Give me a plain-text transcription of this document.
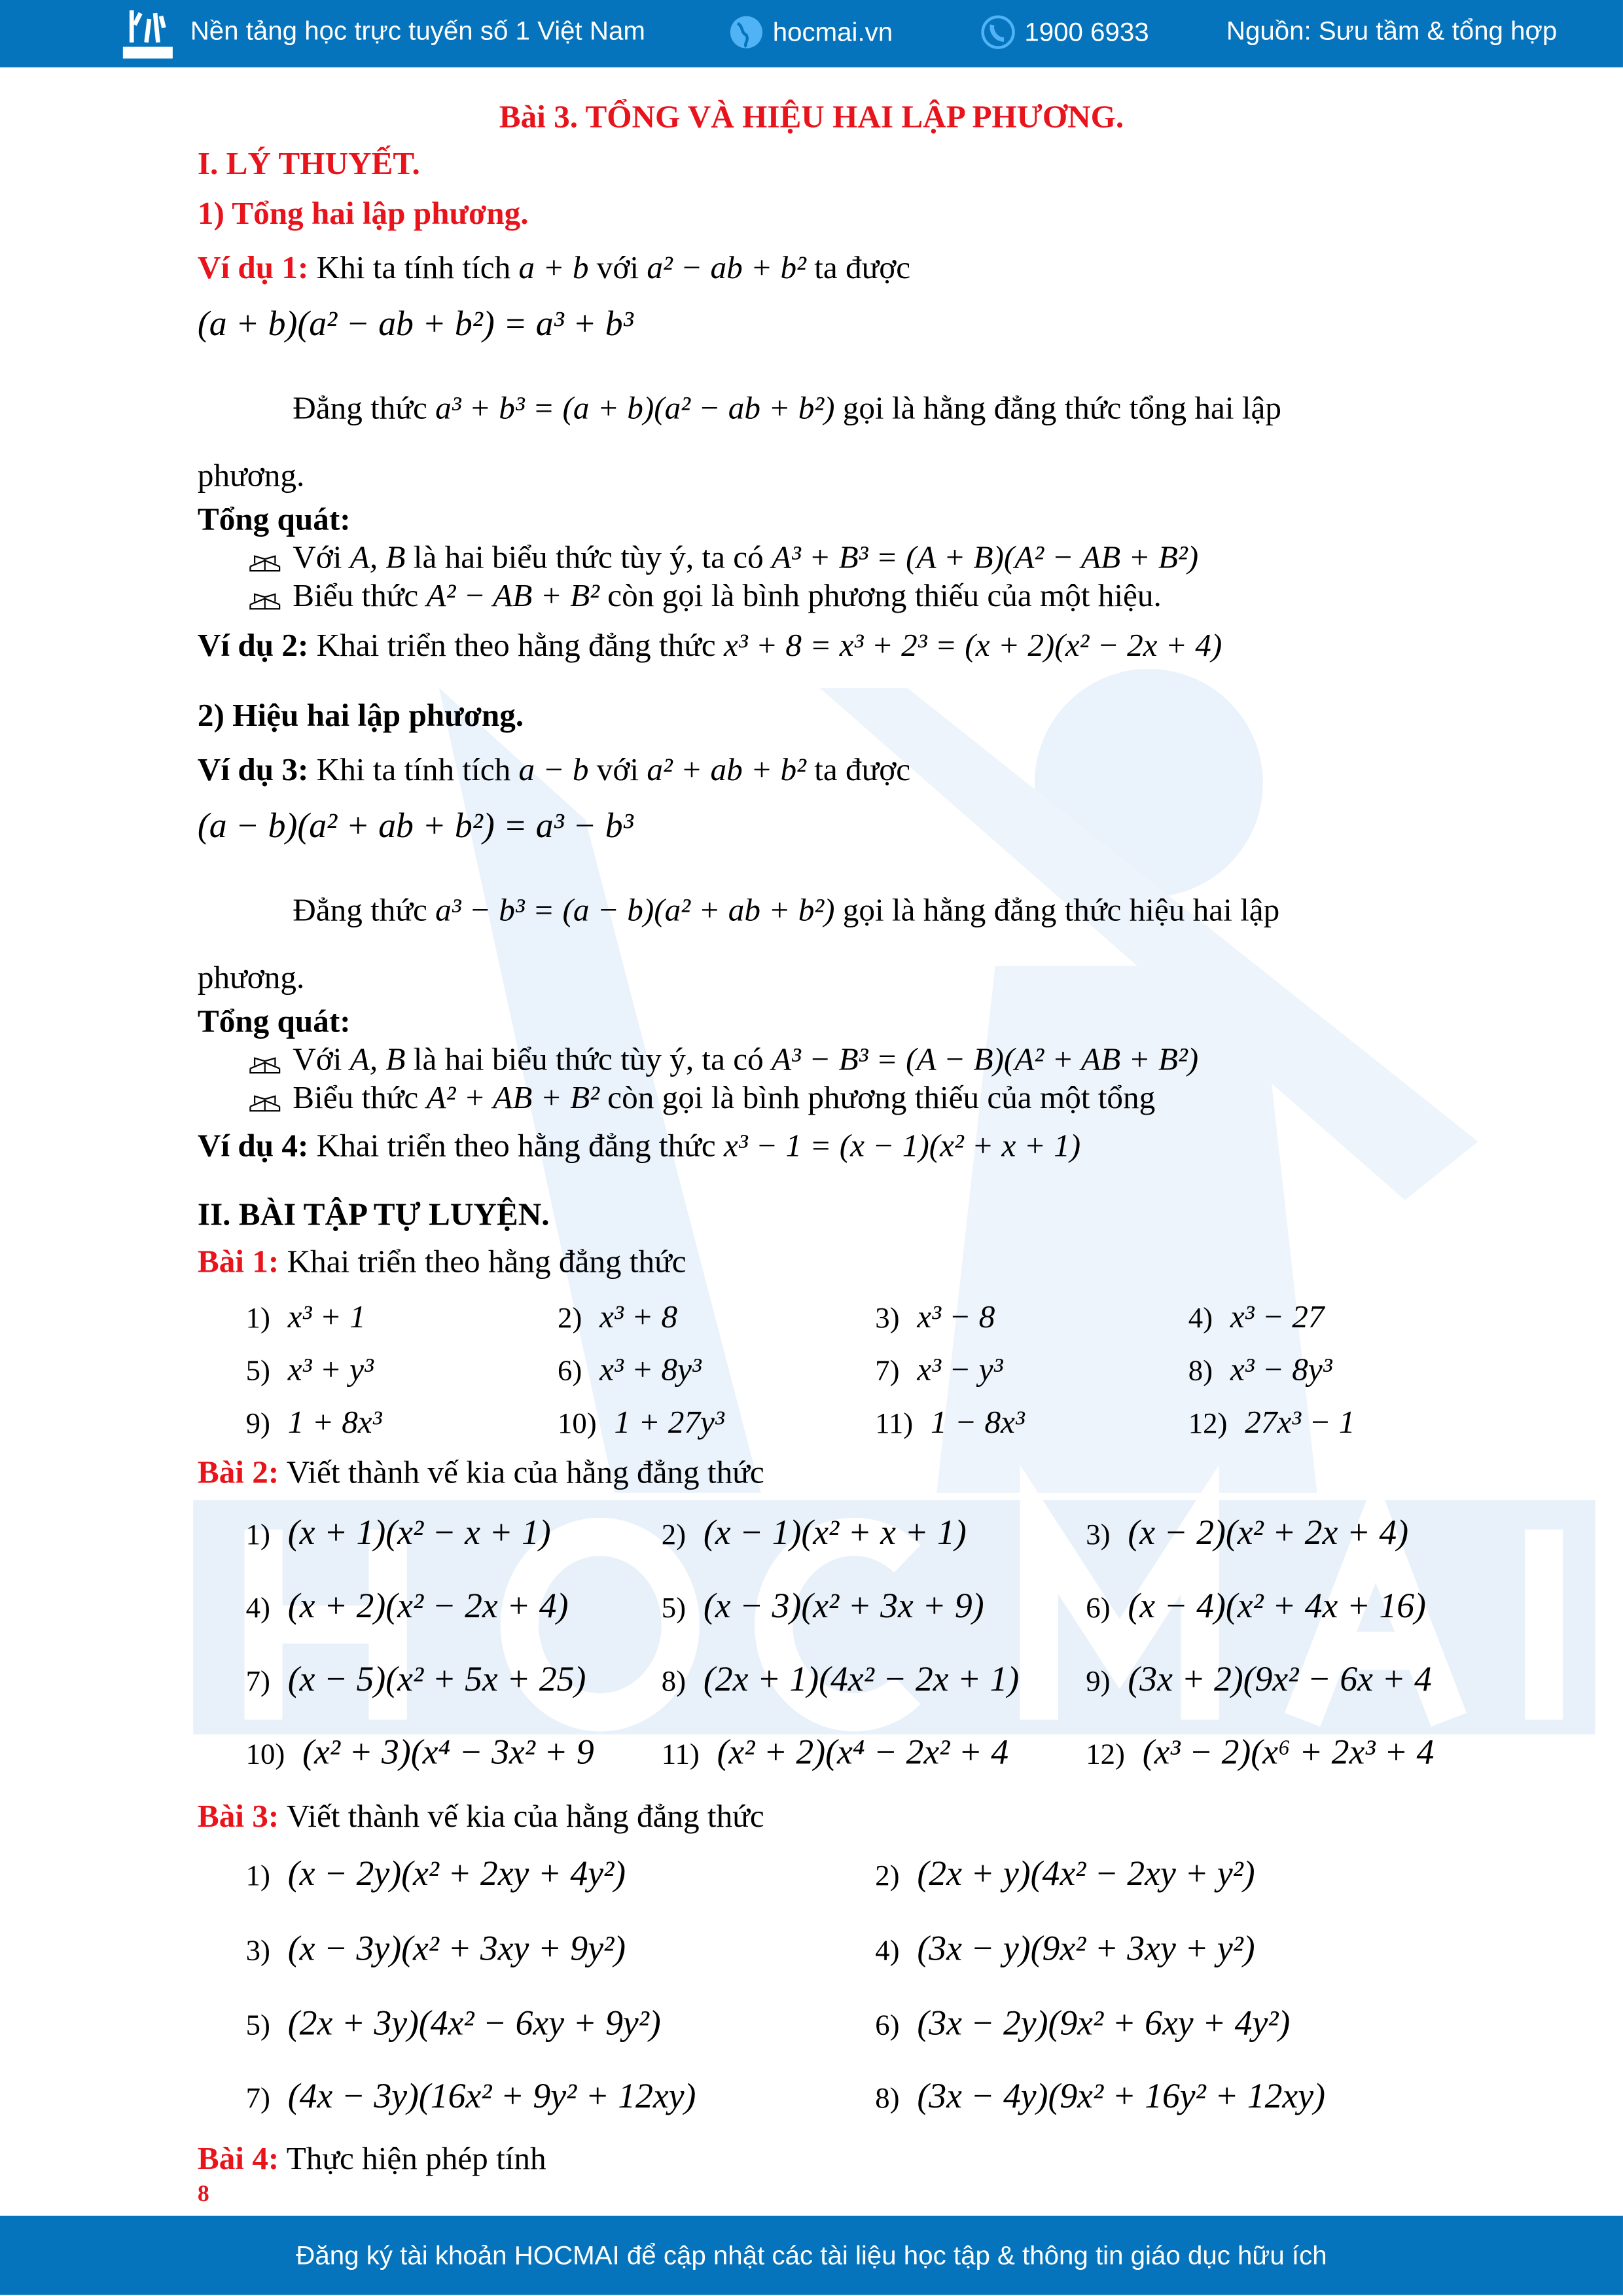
Nền tảng học trực tuyến số 1 Việt Nam	hocmai.vn	1900 6933	Nguồn: Sưu tầm & tổng hợp
Bài 3. TỔNG VÀ HIỆU HAI LẬP PHƯƠNG.
I. LÝ THUYẾT.
1) Tổng hai lập phương.
Ví dụ 1: Khi ta tính tích a + b với a² − ab + b² ta được
(a + b)(a² − ab + b²) = a³ + b³
Đẳng thức a³ + b³ = (a + b)(a² − ab + b²) gọi là hằng đẳng thức tổng hai lập
phương.
Tổng quát:
Với A, B là hai biểu thức tùy ý, ta có A³ + B³ = (A + B)(A² − AB + B²)
Biểu thức A² − AB + B² còn gọi là bình phương thiếu của một hiệu.
Ví dụ 2: Khai triển theo hằng đẳng thức x³ + 8 = x³ + 2³ = (x + 2)(x² − 2x + 4)
2) Hiệu hai lập phương.
Ví dụ 3: Khi ta tính tích a − b với a² + ab + b² ta được
(a − b)(a² + ab + b²) = a³ − b³
Đẳng thức a³ − b³ = (a − b)(a² + ab + b²) gọi là hằng đẳng thức hiệu hai lập
phương.
Tổng quát:
Với A, B là hai biểu thức tùy ý, ta có A³ − B³ = (A − B)(A² + AB + B²)
Biểu thức A² + AB + B² còn gọi là bình phương thiếu của một tổng
Ví dụ 4: Khai triển theo hằng đẳng thức x³ − 1 = (x − 1)(x² + x + 1)
II. BÀI TẬP TỰ LUYỆN.
Bài 1: Khai triển theo hằng đẳng thức
1) x³ + 1	2) x³ + 8	3) x³ − 8	4) x³ − 27
5) x³ + y³	6) x³ + 8y³	7) x³ − y³	8) x³ − 8y³
9) 1 + 8x³	10) 1 + 27y³	11) 1 − 8x³	12) 27x³ − 1
Bài 2: Viết thành vế kia của hằng đẳng thức
1) (x + 1)(x² − x + 1)	2) (x − 1)(x² + x + 1)	3) (x − 2)(x² + 2x + 4)
4) (x + 2)(x² − 2x + 4)	5) (x − 3)(x² + 3x + 9)	6) (x − 4)(x² + 4x + 16)
7) (x − 5)(x² + 5x + 25)	8) (2x + 1)(4x² − 2x + 1)	9) (3x + 2)(9x² − 6x + 4
10) (x² + 3)(x⁴ − 3x² + 9	11) (x² + 2)(x⁴ − 2x² + 4	12) (x³ − 2)(x⁶ + 2x³ + 4
Bài 3: Viết thành vế kia của hằng đẳng thức
1) (x − 2y)(x² + 2xy + 4y²)	2) (2x + y)(4x² − 2xy + y²)
3) (x − 3y)(x² + 3xy + 9y²)	4) (3x − y)(9x² + 3xy + y²)
5) (2x + 3y)(4x² − 6xy + 9y²)	6) (3x − 2y)(9x² + 6xy + 4y²)
7) (4x − 3y)(16x² + 9y² + 12xy)	8) (3x − 4y)(9x² + 16y² + 12xy)
Bài 4: Thực hiện phép tính
8
Đăng ký tài khoản HOCMAI để cập nhật các tài liệu học tập & thông tin giáo dục hữu ích
